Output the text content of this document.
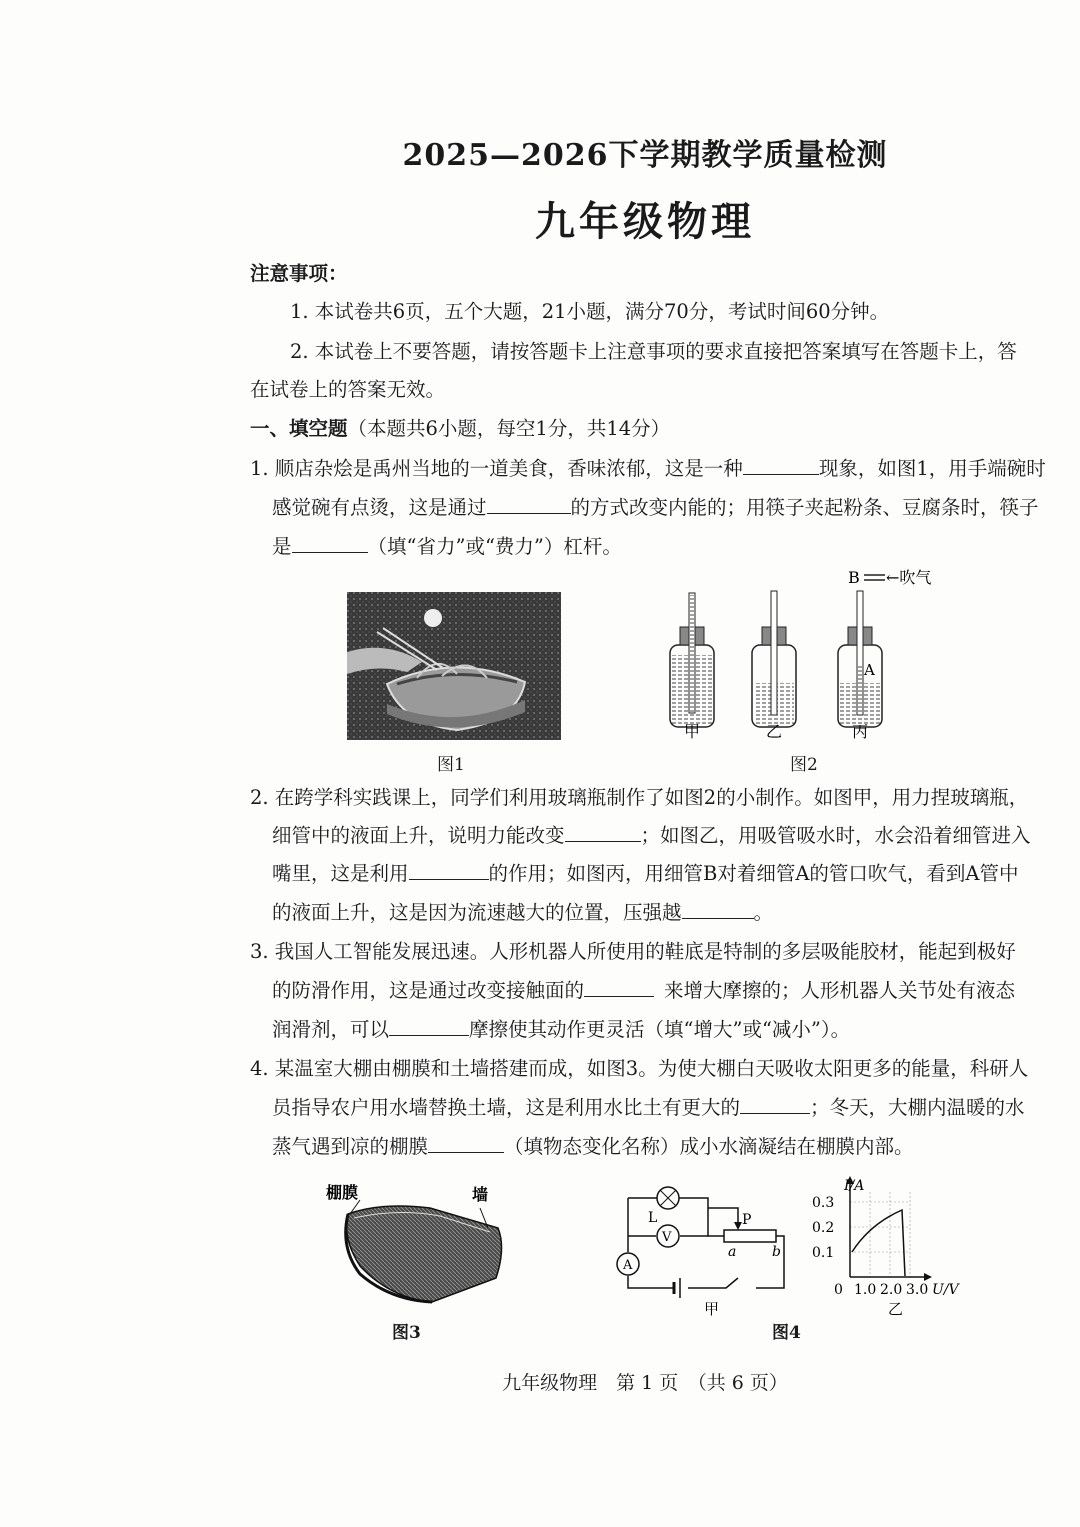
2025—2026下学期教学质量检测
九年级物理
注意事项：
1. 本试卷共6页，五个大题，21小题，满分70分，考试时间60分钟。
2. 本试卷上不要答题，请按答题卡上注意事项的要求直接把答案填写在答题卡上，答
在试卷上的答案无效。
一、填空题（本题共6小题，每空1分，共14分）
1. 顺店杂烩是禹州当地的一道美食，香味浓郁，这是一种	现象，如图1，用手端碗时
感觉碗有点烫，这是通过	的方式改变内能的；用筷子夹起粉条、豆腐条时，筷子
是	（填“省力”或“费力”）杠杆。
图1
A
B ←吹气
甲	乙	丙
图2
2. 在跨学科实践课上，同学们利用玻璃瓶制作了如图2的小制作。如图甲，用力捏玻璃瓶，
细管中的液面上升，说明力能改变	；如图乙，用吸管吸水时，水会沿着细管进入
嘴里，这是利用	的作用；如图丙，用细管B对着细管A的管口吹气，看到A管中
的液面上升，这是因为流速越大的位置，压强越	。
3. 我国人工智能发展迅速。人形机器人所使用的鞋底是特制的多层吸能胶材，能起到极好
的防滑作用，这是通过改变接触面的	来增大摩擦的；人形机器人关节处有液态
润滑剂，可以	摩擦使其动作更灵活（填“增大”或“减小”）。
4. 某温室大棚由棚膜和土墙搭建而成，如图3。为使大棚白天吸收太阳更多的能量，科研人
员指导农户用水墙替换土墙，这是利用水比土有更大的	；冬天，大棚内温暖的水
蒸气遇到凉的棚膜	（填物态变化名称）成小水滴凝结在棚膜内部。
棚膜	墙
图3
V
A
L	P
a	b
甲
I/A
0.3
0.2
0.1
0 1.0 2.0 3.0 U/V
乙
图4
九年级物理　第 1 页　（共 6 页）
